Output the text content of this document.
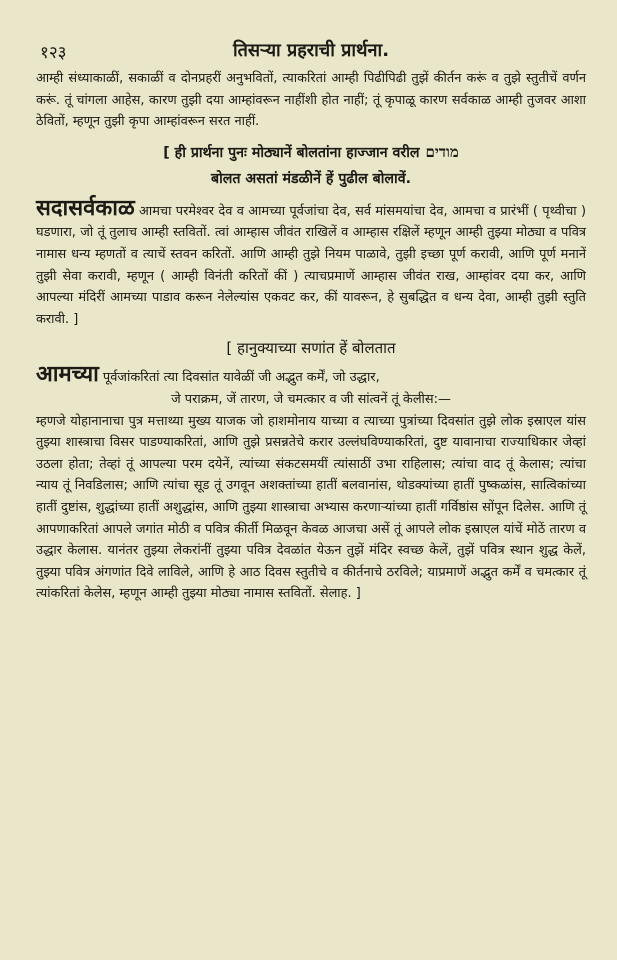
१२३	तिसऱ्या प्रहराची प्रार्थना.

आम्ही संध्याकाळीं, सकाळीं व दोनप्रहरीं अनुभवितों, त्याकरितां आम्ही पिढीपिढी तुझें कीर्तन करूं व तुझे स्तुतीचें वर्णन करूं. तूं चांगला आहेस, कारण तुझी दया आम्हांवरून नाहींशी होत नाहीं; तूं कृपाळू कारण सर्वकाळ आम्ही तुजवर आशा ठेवितों, म्हणून तुझी कृपा आम्हांवरून सरत नाहीं.

[ ही प्रार्थना पुनः मोठ्यानें बोलतांना हाज्जान वरील מודים
बोलत असतां मंडळीनें हें पुढील बोलावें.

सदासर्वकाळ आमचा परमेश्वर देव व आमच्या पूर्वजांचा देव, सर्व मांसमयांचा देव, आमचा व प्रारंभीं ( पृथ्वीचा ) घडणारा, जो तूं तुलाच आम्ही स्तवितों. त्वां आम्हास जीवंत राखिलें व आम्हास रक्षिलें म्हणून आम्ही तुझ्या मोठ्या व पवित्र नामास धन्य म्हणतों व त्याचें स्तवन करितों. आणि आम्ही तुझे नियम पाळावे, तुझी इच्छा पूर्ण करावी, आणि पूर्ण मनानें तुझी सेवा करावी, म्हणून ( आम्ही विनंती करितों कीं ) त्याचप्रमाणें आम्हास जीवंत राख, आम्हांवर दया कर, आणि आपल्या मंदिरीं आमच्या पाडाव करून नेलेल्यांस एकवट कर, कीं यावरून, हे सुबद्धित व धन्य देवा, आम्ही तुझी स्तुति करावी. ]

[ हानुक्याच्या सणांत हें बोलतात

आमच्या पूर्वजांकरितां त्या दिवसांत यावेळीं जी अद्भुत कर्में, जो उद्धार,
जे पराक्रम, जें तारण, जे चमत्कार व जी सांत्वनें तूं केलीस:—
म्हणजे योहानानाचा पुत्र मत्ताथ्या मुख्य याजक जो हाशमोनाय याच्या व त्याच्या पुत्रांच्या दिवसांत तुझे लोक इस्राएल यांस तुझ्या शास्त्राचा विसर पाडण्याकरितां, आणि तुझे प्रसन्नतेचे करार उल्लंघविण्याकरितां, दुष्ट यावानाचा राज्याधिकार जेव्हां उठला होता; तेव्हां तूं आपल्या परम दयेनें, त्यांच्या संकटसमयीं त्यांसाठीं उभा राहिलास; त्यांचा वाद तूं केलास; त्यांचा न्याय तूं निवडिलास; आणि त्यांचा सूड तूं उगवून अशक्तांच्या हातीं बलवानांस, थोडक्यांच्या हातीं पुष्कळांस, सात्विकांच्या हातीं दुष्टांस, शुद्धांच्या हातीं अशुद्धांस, आणि तुझ्या शास्त्राचा अभ्यास करणाऱ्यांच्या हातीं गर्विष्ठांस सोंपून दिलेस. आणि तूं आपणाकरितां आपले जगांत मोठी व पवित्र कीर्ती मिळवून केवळ आजचा असें तूं आपले लोक इस्राएल यांचें मोठें तारण व उद्धार केलास. यानंतर तुझ्या लेकरांनीं तुझ्या पवित्र देवळांत येऊन तुझें मंदिर स्वच्छ केलें, तुझें पवित्र स्थान शुद्ध केलें, तुझ्या पवित्र अंगणांत दिवे लाविले, आणि हे आठ दिवस स्तुतीचे व कीर्तनाचे ठरविले; याप्रमाणें अद्भुत कर्में व चमत्कार तूं त्यांकरितां केलेस, म्हणून आम्ही तुझ्या मोठ्या नामास स्तवितों. सेलाह. ]
